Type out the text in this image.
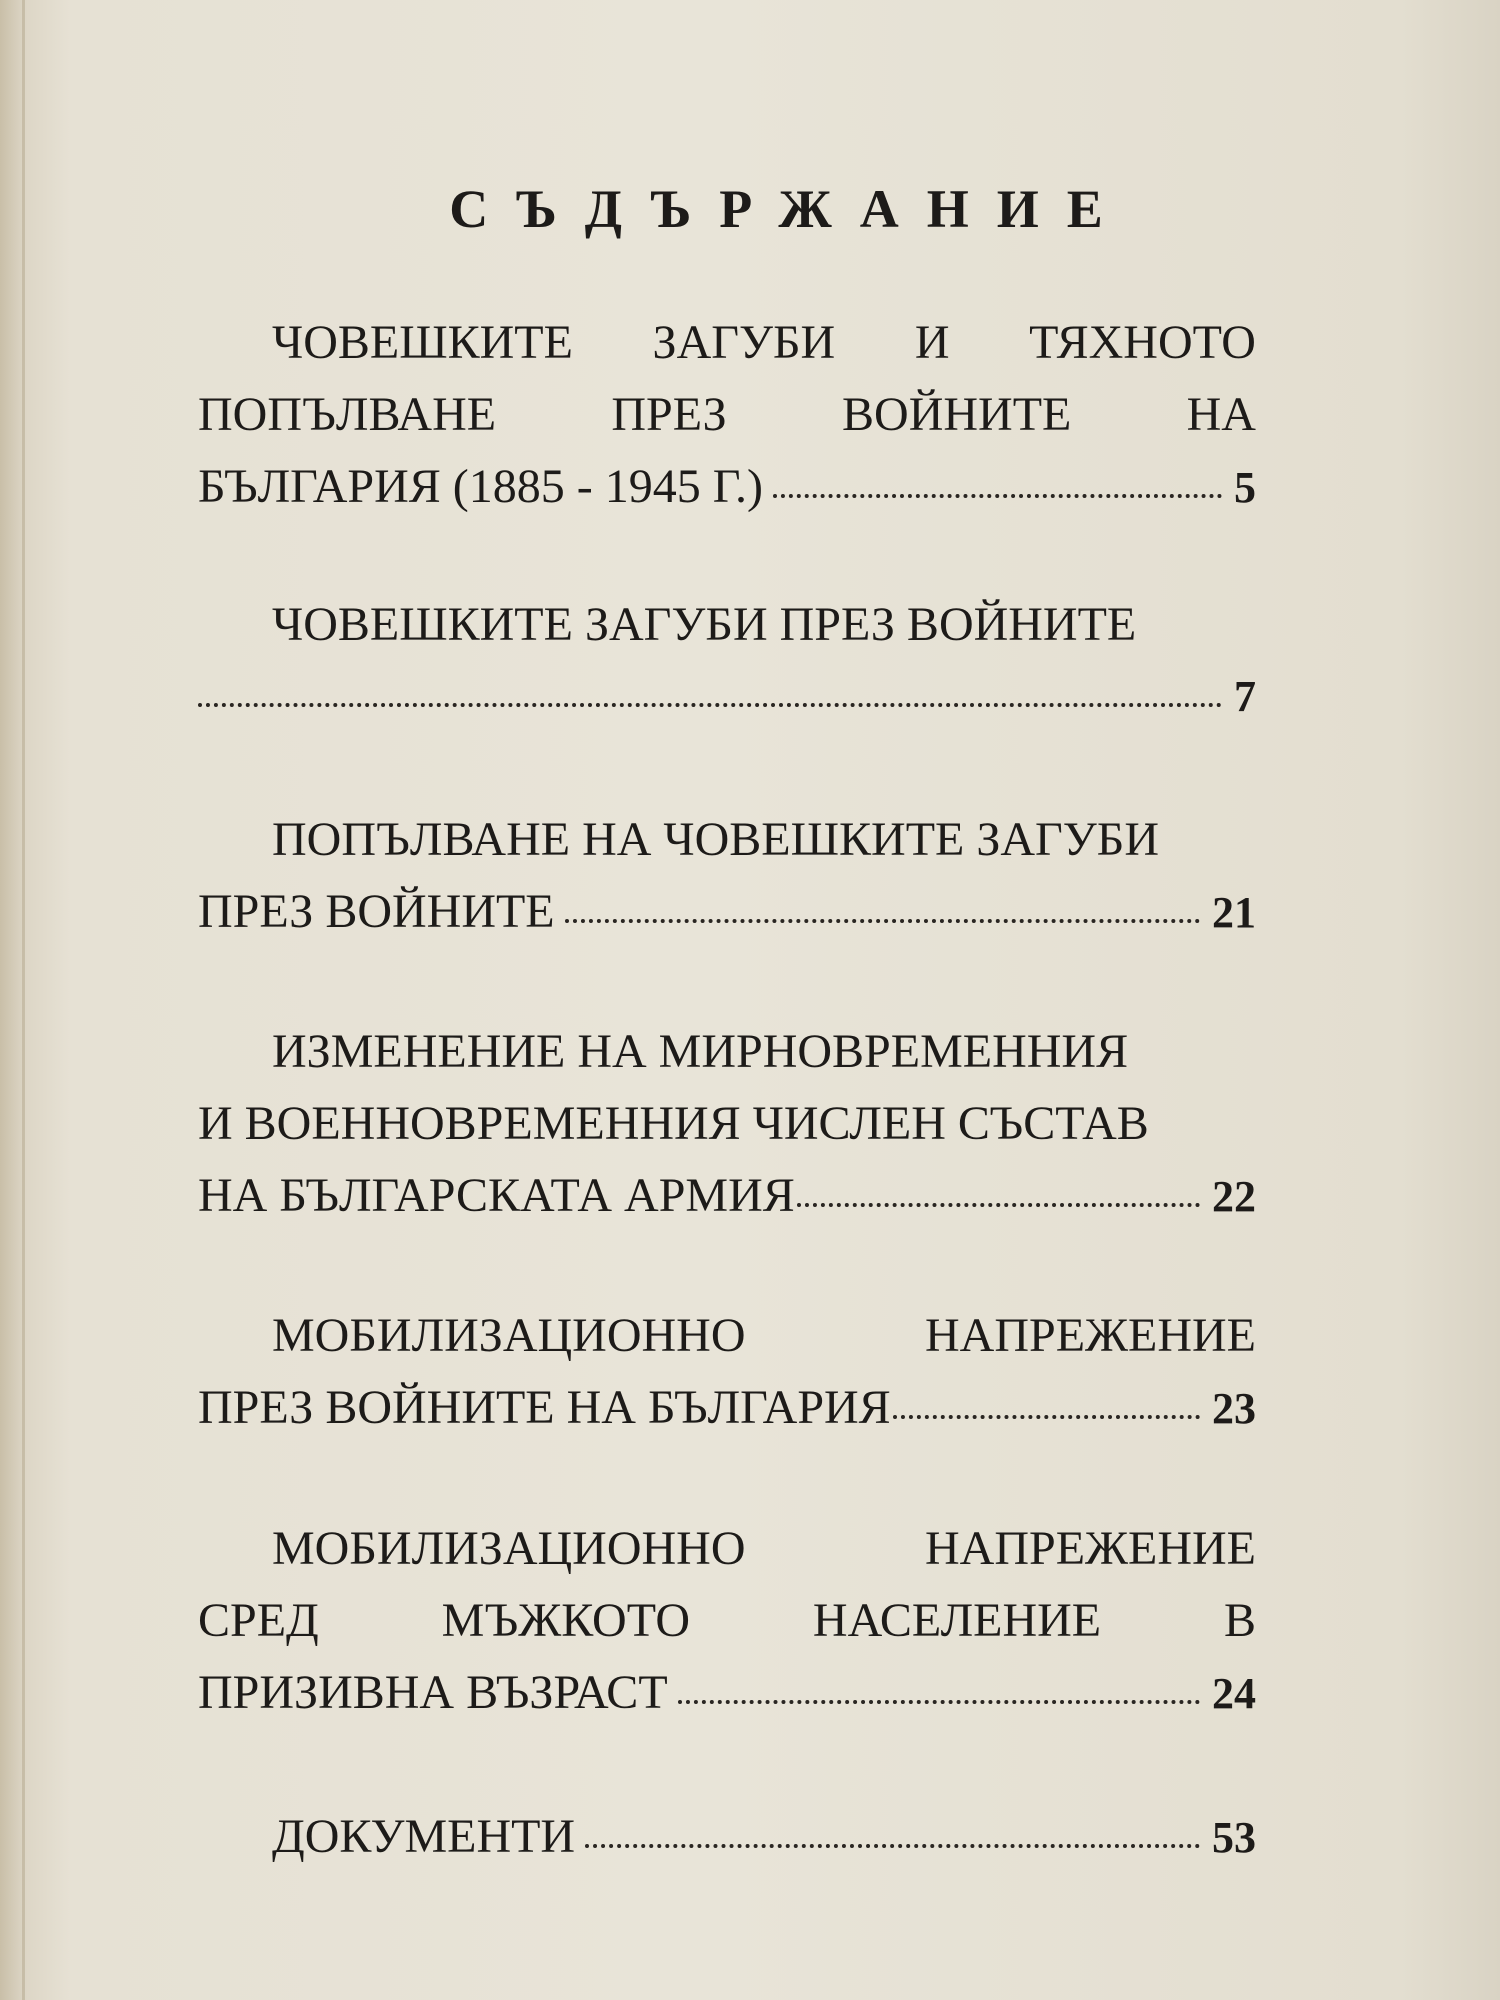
СЪДЪРЖАНИЕ
ЧОВЕШКИТЕ ЗАГУБИ И ТЯХНОТО
ПОПЪЛВАНЕ ПРЕЗ ВОЙНИТЕ НА
БЪЛГАРИЯ (1885 - 1945 Г.)	5
ЧОВЕШКИТЕ ЗАГУБИ ПРЕЗ ВОЙНИТЕ
7
ПОПЪЛВАНЕ НА ЧОВЕШКИТЕ ЗАГУБИ
ПРЕЗ ВОЙНИТЕ	21
ИЗМЕНЕНИЕ НА МИРНОВРЕМЕННИЯ
И ВОЕННОВРЕМЕННИЯ ЧИСЛЕН СЪСТАВ
НА БЪЛГАРСКАТА АРМИЯ	22
МОБИЛИЗАЦИОННО	НАПРЕЖЕНИЕ
ПРЕЗ ВОЙНИТЕ НА БЪЛГАРИЯ	23
МОБИЛИЗАЦИОННО	НАПРЕЖЕНИЕ
СРЕД	МЪЖКОТО	НАСЕЛЕНИЕ	В
ПРИЗИВНА ВЪЗРАСТ	24
ДОКУМЕНТИ	53
